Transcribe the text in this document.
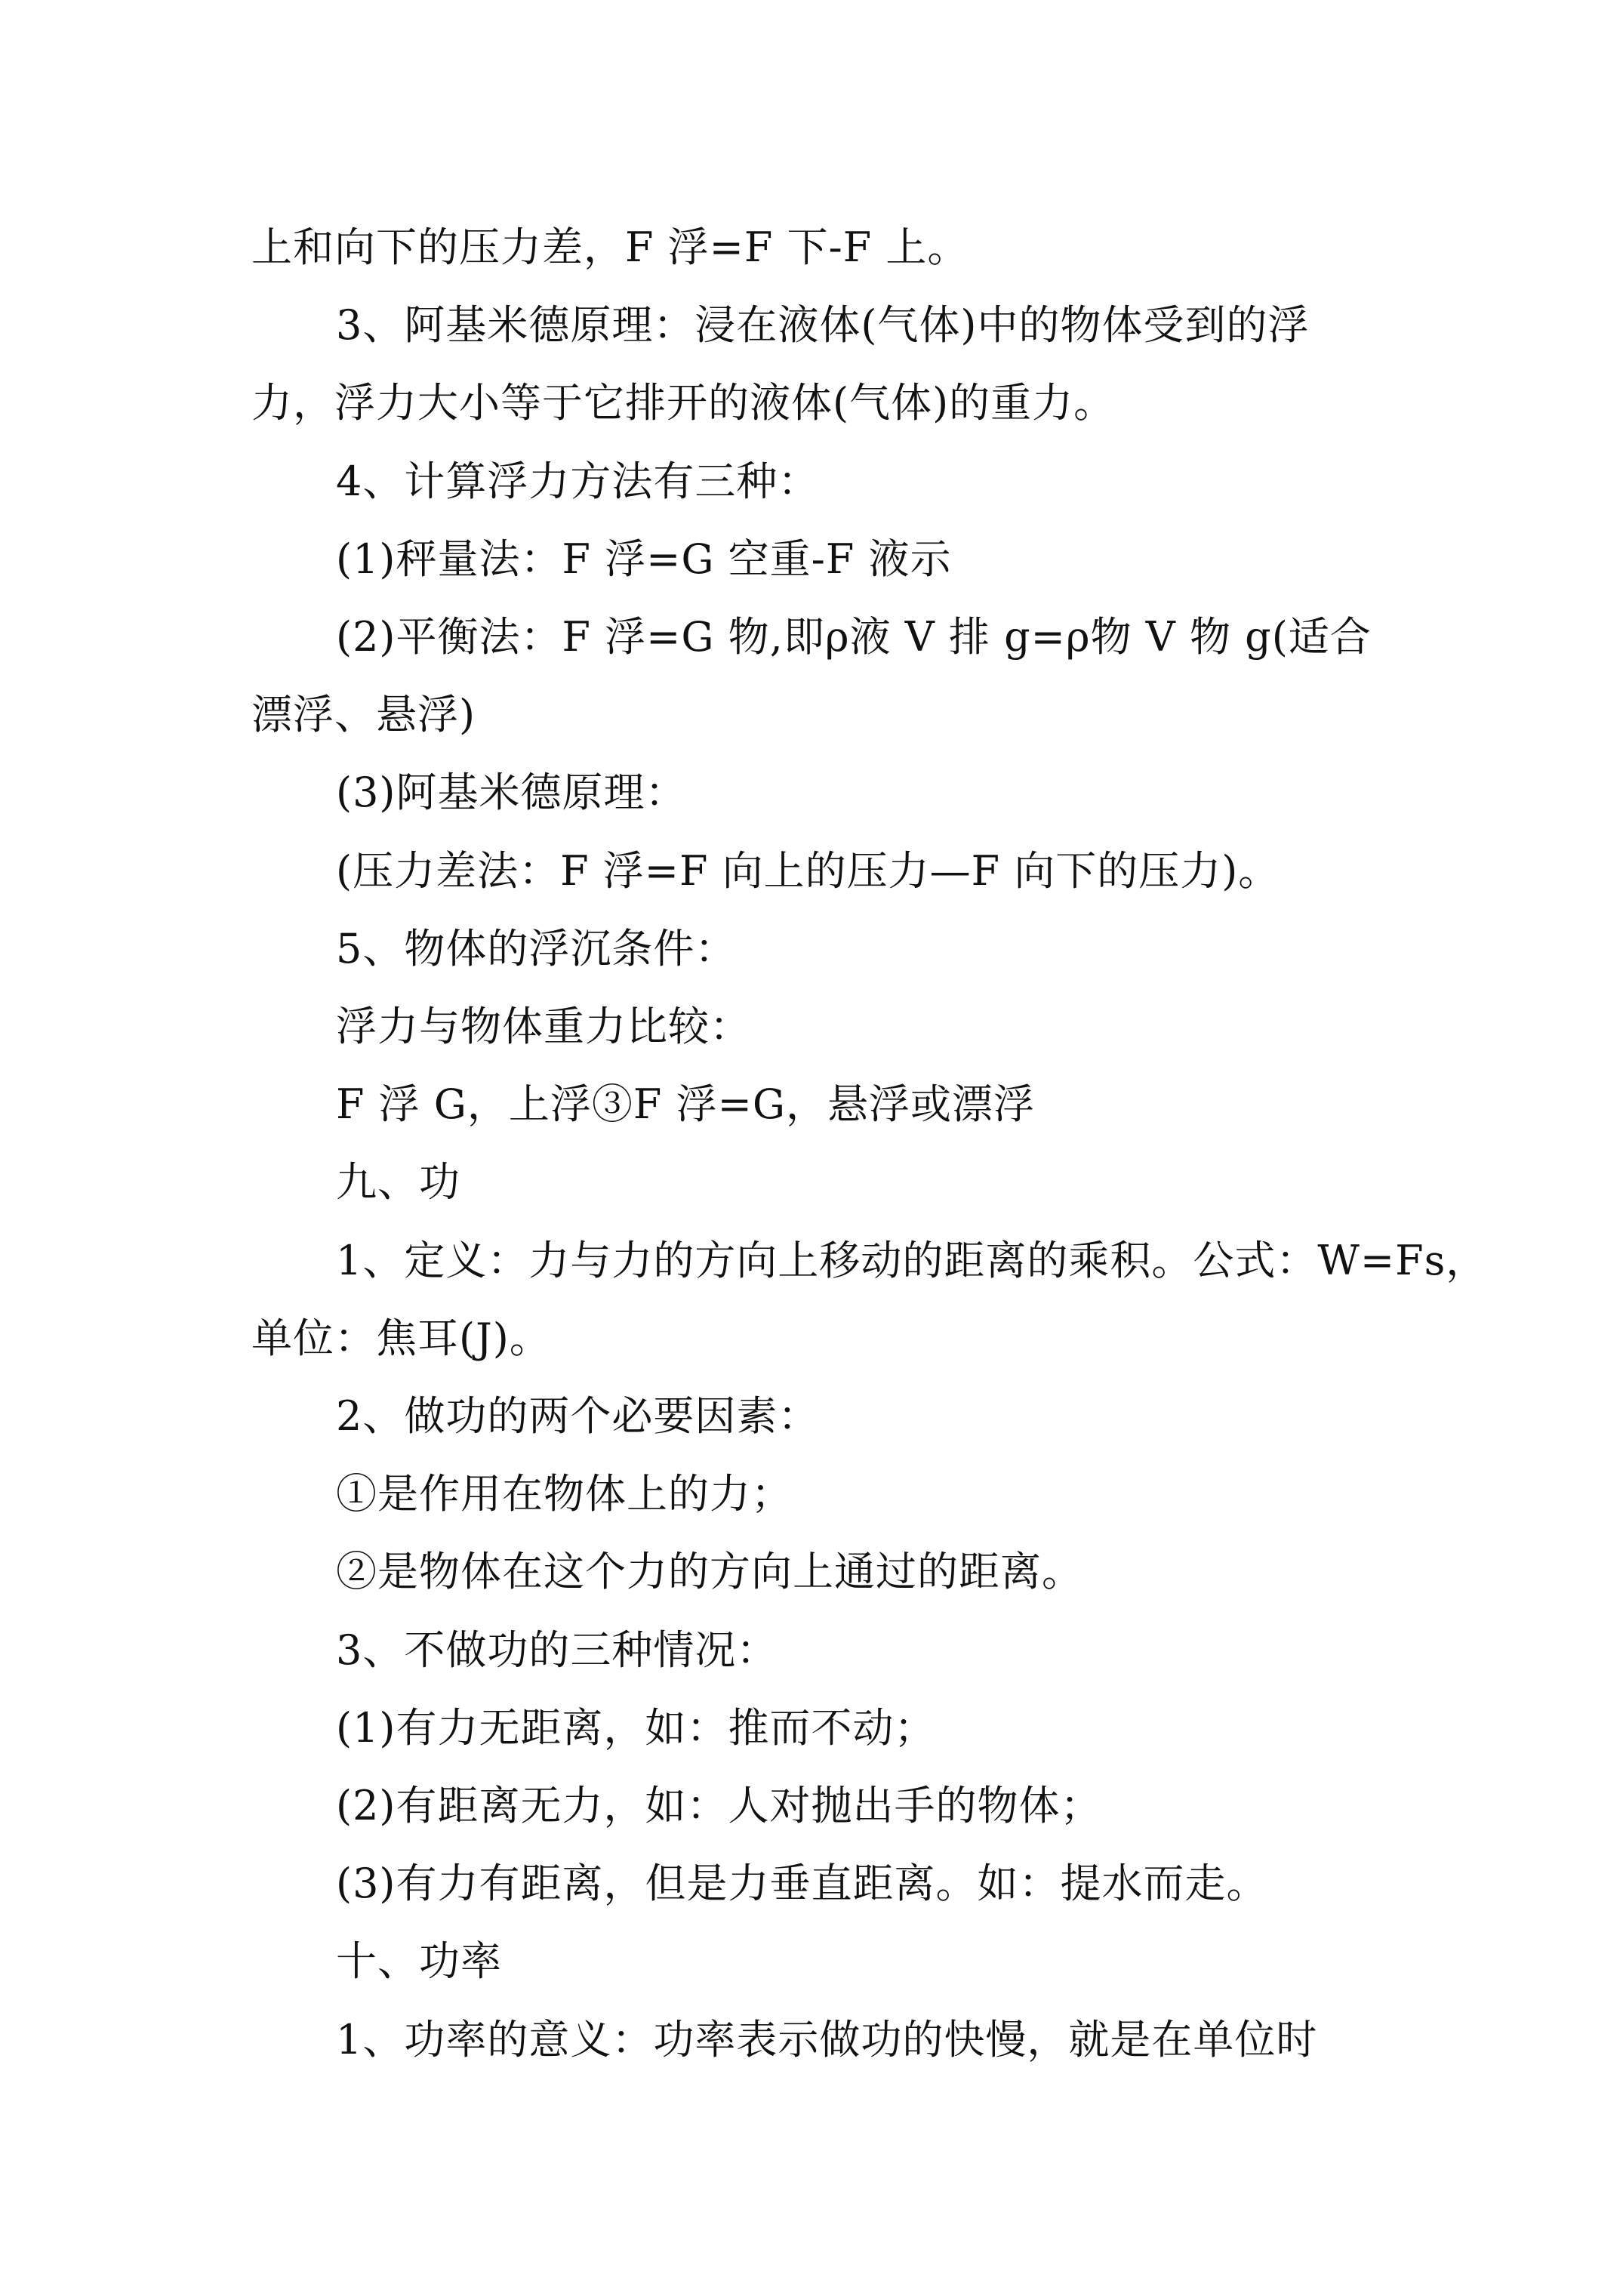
上和向下的压力差，F 浮=F 下-F 上。
3、阿基米德原理：浸在液体(气体)中的物体受到的浮
力，浮力大小等于它排开的液体(气体)的重力。
4、计算浮力方法有三种：
(1)秤量法：F 浮=G 空重-F 液示
(2)平衡法：F 浮=G 物,即ρ液 V 排 g=ρ物 V 物 g(适合
漂浮、悬浮)
(3)阿基米德原理：
(压力差法：F 浮=F 向上的压力—F 向下的压力)。
5、物体的浮沉条件：
浮力与物体重力比较：
F 浮 G，上浮③F 浮=G，悬浮或漂浮
九、功
1、定义：力与力的方向上移动的距离的乘积。公式：W=Fs，
单位：焦耳(J)。
2、做功的两个必要因素：
①是作用在物体上的力；
②是物体在这个力的方向上通过的距离。
3、不做功的三种情况：
(1)有力无距离，如：推而不动；
(2)有距离无力，如：人对抛出手的物体；
(3)有力有距离，但是力垂直距离。如：提水而走。
十、功率
1、功率的意义：功率表示做功的快慢，就是在单位时
